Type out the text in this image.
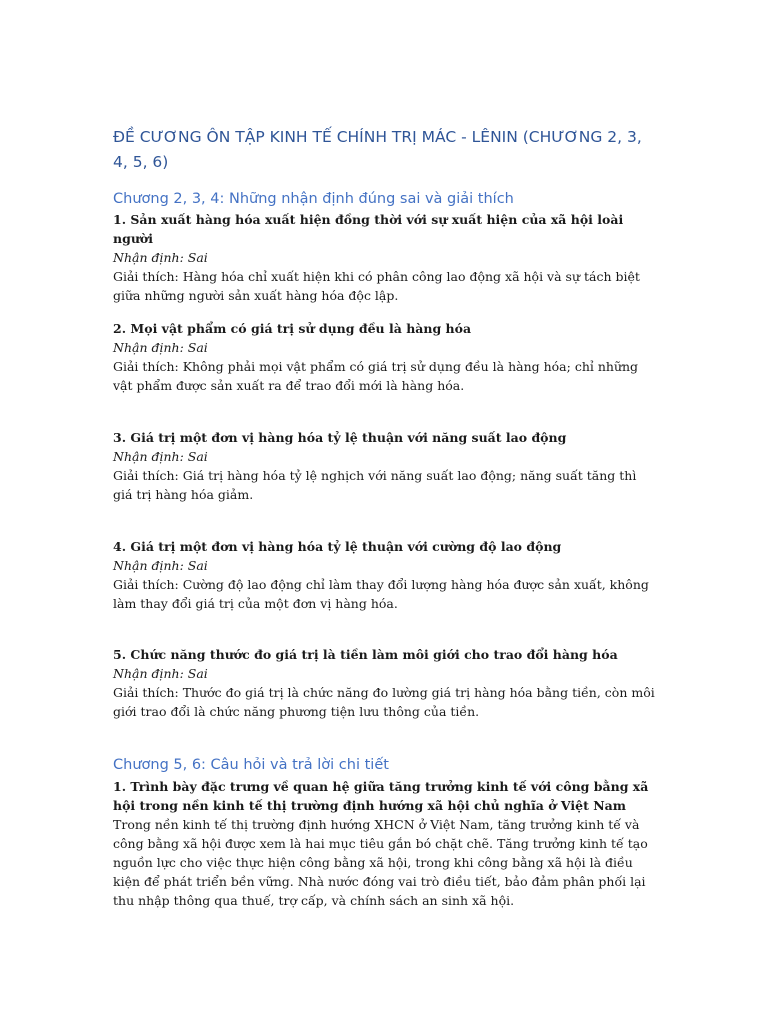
ĐỀ CƯƠNG ÔN TẬP KINH TẾ CHÍNH TRỊ MÁC - LÊNIN (CHƯƠNG 2, 3, 4, 5, 6)
Chương 2, 3, 4: Những nhận định đúng sai và giải thích

1. Sản xuất hàng hóa xuất hiện đồng thời với sự xuất hiện của xã hội loài người

Nhận định: Sai

Giải thích: Hàng hóa chỉ xuất hiện khi có phân công lao động xã hội và sự tách biệt giữa những người sản xuất hàng hóa độc lập.

2. Mọi vật phẩm có giá trị sử dụng đều là hàng hóa

Nhận định: Sai

Giải thích: Không phải mọi vật phẩm có giá trị sử dụng đều là hàng hóa; chỉ những vật phẩm được sản xuất ra để trao đổi mới là hàng hóa.

3. Giá trị một đơn vị hàng hóa tỷ lệ thuận với năng suất lao động

Nhận định: Sai

Giải thích: Giá trị hàng hóa tỷ lệ nghịch với năng suất lao động; năng suất tăng thì giá trị hàng hóa giảm.

4. Giá trị một đơn vị hàng hóa tỷ lệ thuận với cường độ lao động

Nhận định: Sai

Giải thích: Cường độ lao động chỉ làm thay đổi lượng hàng hóa được sản xuất, không làm thay đổi giá trị của một đơn vị hàng hóa.

5. Chức năng thước đo giá trị là tiền làm môi giới cho trao đổi hàng hóa

Nhận định: Sai

Giải thích: Thước đo giá trị là chức năng đo lường giá trị hàng hóa bằng tiền, còn môi giới trao đổi là chức năng phương tiện lưu thông của tiền.

Chương 5, 6: Câu hỏi và trả lời chi tiết

1. Trình bày đặc trưng về quan hệ giữa tăng trưởng kinh tế với công bằng xã hội trong nền kinh tế thị trường định hướng xã hội chủ nghĩa ở Việt Nam

Trong nền kinh tế thị trường định hướng XHCN ở Việt Nam, tăng trưởng kinh tế và công bằng xã hội được xem là hai mục tiêu gắn bó chặt chẽ. Tăng trưởng kinh tế tạo nguồn lực cho việc thực hiện công bằng xã hội, trong khi công bằng xã hội là điều kiện để phát triển bền vững. Nhà nước đóng vai trò điều tiết, bảo đảm phân phối lại thu nhập thông qua thuế, trợ cấp, và chính sách an sinh xã hội.
